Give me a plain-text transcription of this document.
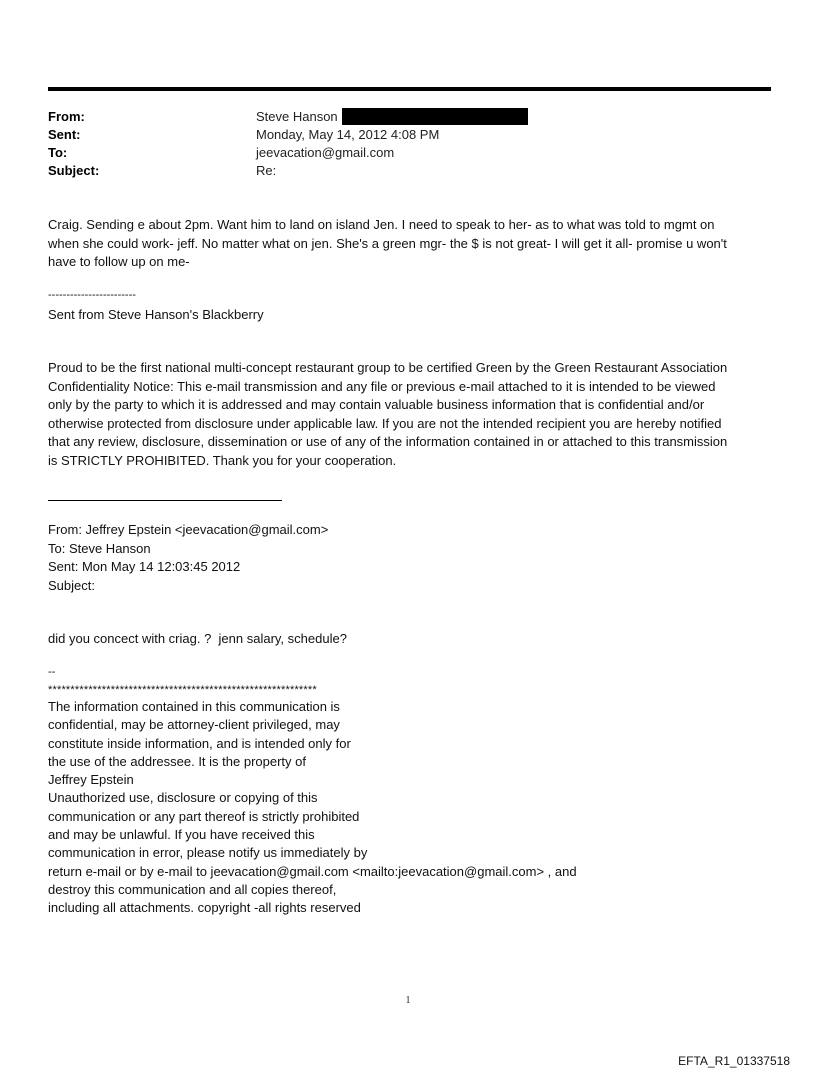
From:	Steve Hanson
Sent:	Monday, May 14, 2012 4:08 PM
To:	jeevacation@gmail.com
Subject:	Re:
Craig. Sending e about 2pm. Want him to land on island Jen. I need to speak to her- as to what was told to mgmt on
when she could work- jeff. No matter what on jen. She's a green mgr- the $ is not great- I will get it all- promise u won't
have to follow up on me-
------------------------
Sent from Steve Hanson's Blackberry
Proud to be the first national multi-concept restaurant group to be certified Green by the Green Restaurant Association
Confidentiality Notice: This e-mail transmission and any file or previous e-mail attached to it is intended to be viewed
only by the party to which it is addressed and may contain valuable business information that is confidential and/or
otherwise protected from disclosure under applicable law. If you are not the intended recipient you are hereby notified
that any review, disclosure, dissemination or use of any of the information contained in or attached to this transmission
is STRICTLY PROHIBITED. Thank you for your cooperation.
From: Jeffrey Epstein <jeevacation@gmail.com>
To: Steve Hanson
Sent: Mon May 14 12:03:45 2012
Subject:
did you concect with criag. ?  jenn salary, schedule?
--
************************************************************
The information contained in this communication is
confidential, may be attorney-client privileged, may
constitute inside information, and is intended only for
the use of the addressee. It is the property of
Jeffrey Epstein
Unauthorized use, disclosure or copying of this
communication or any part thereof is strictly prohibited
and may be unlawful. If you have received this
communication in error, please notify us immediately by
return e-mail or by e-mail to jeevacation@gmail.com <mailto:jeevacation@gmail.com> , and
destroy this communication and all copies thereof,
including all attachments. copyright -all rights reserved
1
EFTA_R1_01337518
